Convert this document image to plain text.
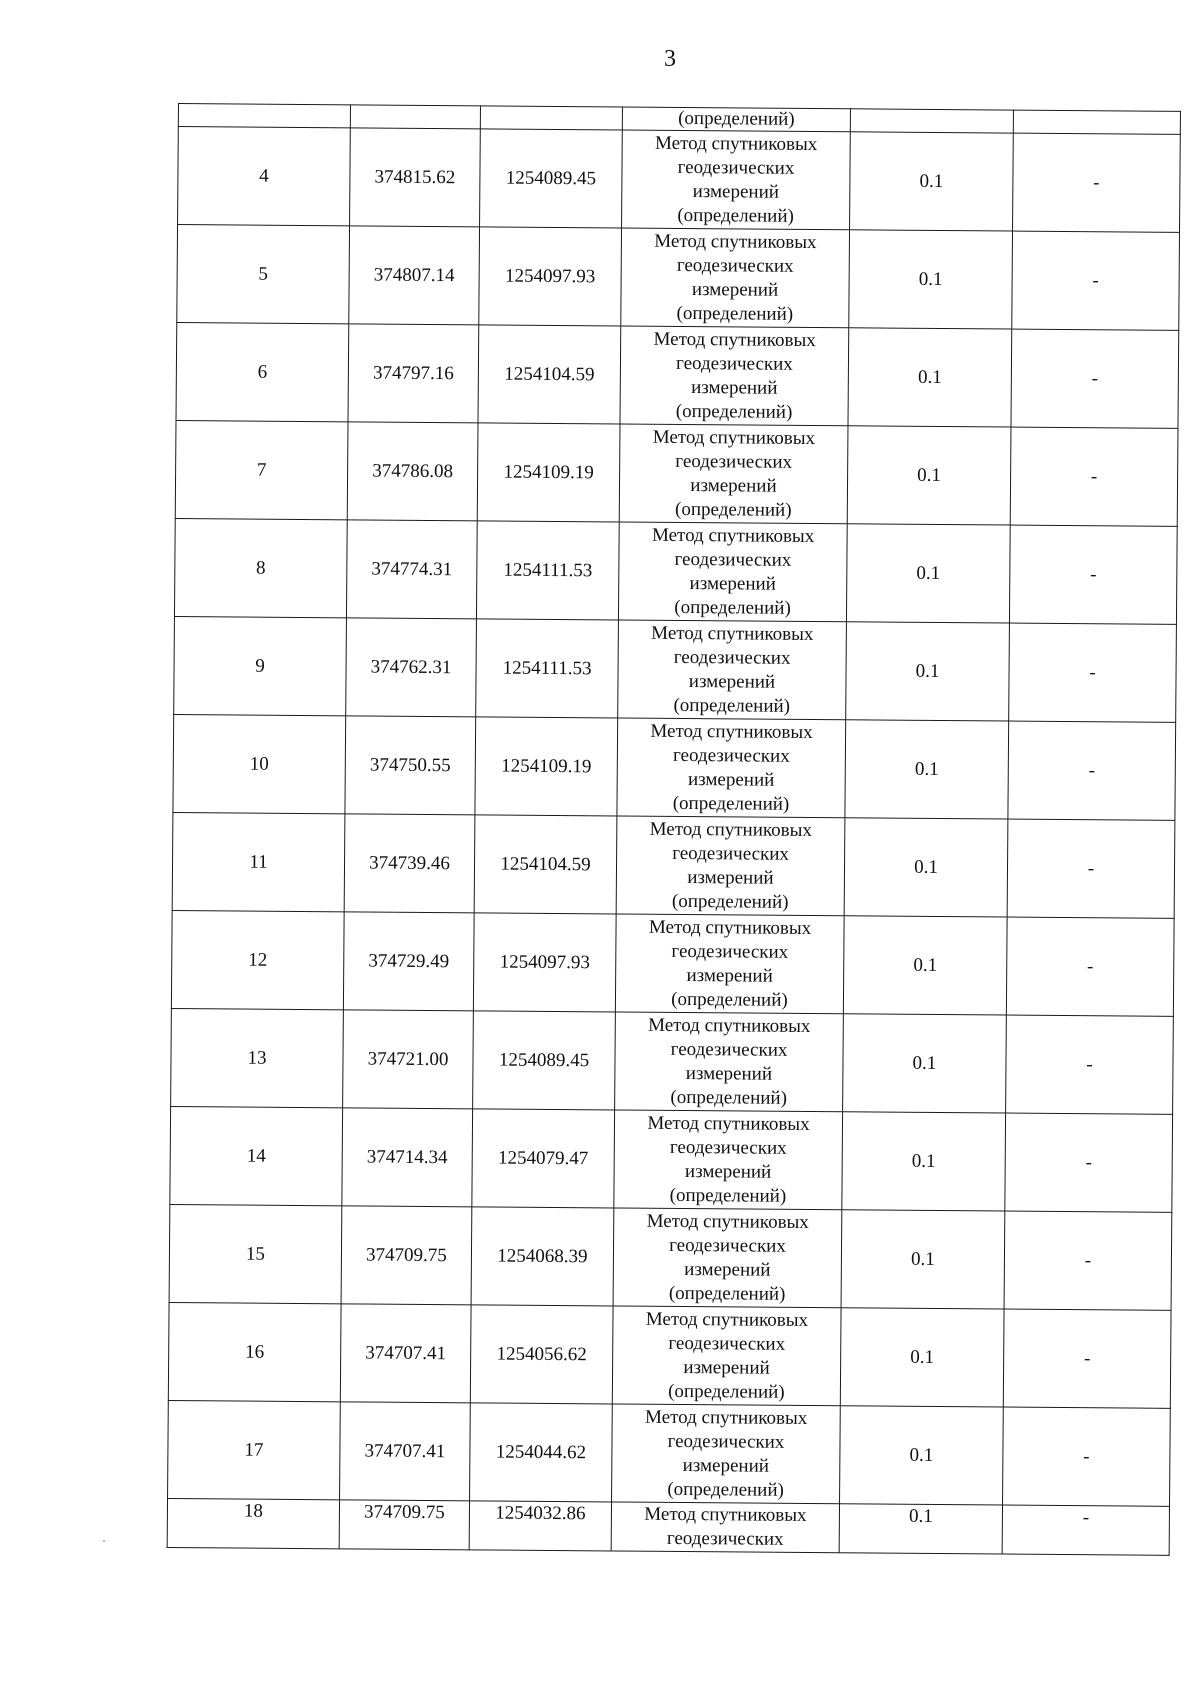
3
			(определений)		
4	374815.62	1254089.45	Метод спутниковых
геодезических
измерений
(определений)	0.1	-
5	374807.14	1254097.93	Метод спутниковых
геодезических
измерений
(определений)	0.1	-
6	374797.16	1254104.59	Метод спутниковых
геодезических
измерений
(определений)	0.1	-
7	374786.08	1254109.19	Метод спутниковых
геодезических
измерений
(определений)	0.1	-
8	374774.31	1254111.53	Метод спутниковых
геодезических
измерений
(определений)	0.1	-
9	374762.31	1254111.53	Метод спутниковых
геодезических
измерений
(определений)	0.1	-
10	374750.55	1254109.19	Метод спутниковых
геодезических
измерений
(определений)	0.1	-
11	374739.46	1254104.59	Метод спутниковых
геодезических
измерений
(определений)	0.1	-
12	374729.49	1254097.93	Метод спутниковых
геодезических
измерений
(определений)	0.1	-
13	374721.00	1254089.45	Метод спутниковых
геодезических
измерений
(определений)	0.1	-
14	374714.34	1254079.47	Метод спутниковых
геодезических
измерений
(определений)	0.1	-
15	374709.75	1254068.39	Метод спутниковых
геодезических
измерений
(определений)	0.1	-
16	374707.41	1254056.62	Метод спутниковых
геодезических
измерений
(определений)	0.1	-
17	374707.41	1254044.62	Метод спутниковых
геодезических
измерений
(определений)	0.1	-
18	374709.75	1254032.86	Метод спутниковых
геодезических	0.1	-
